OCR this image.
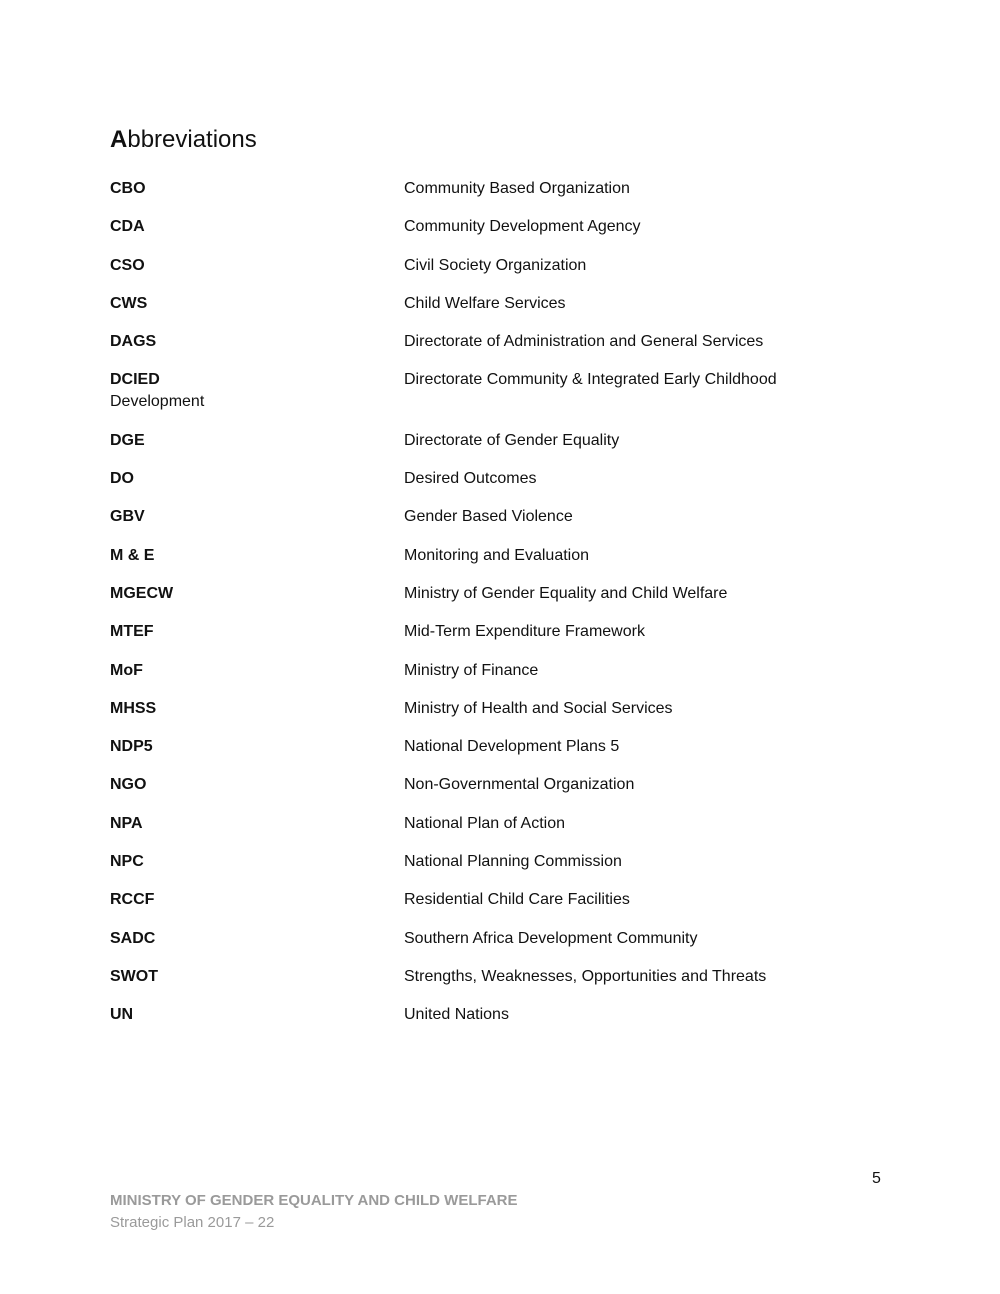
Abbreviations
CBO	Community Based Organization
CDA	Community Development Agency
CSO	Civil Society Organization
CWS	Child Welfare Services
DAGS	Directorate of Administration and General Services
DCIED	Directorate Community & Integrated Early Childhood
Development
DGE	Directorate of Gender Equality
DO	Desired Outcomes
GBV	Gender Based Violence
M & E	Monitoring and Evaluation
MGECW	Ministry of Gender Equality and Child Welfare
MTEF	Mid-Term Expenditure Framework
MoF	Ministry of Finance
MHSS	Ministry of Health and Social Services
NDP5	National Development Plans 5
NGO	Non-Governmental Organization
NPA	National Plan of Action
NPC	National Planning Commission
RCCF	Residential Child Care Facilities
SADC	Southern Africa Development Community
SWOT	Strengths, Weaknesses, Opportunities and Threats
UN	United Nations
5
MINISTRY OF GENDER EQUALITY AND CHILD WELFARE
Strategic Plan 2017 – 22
